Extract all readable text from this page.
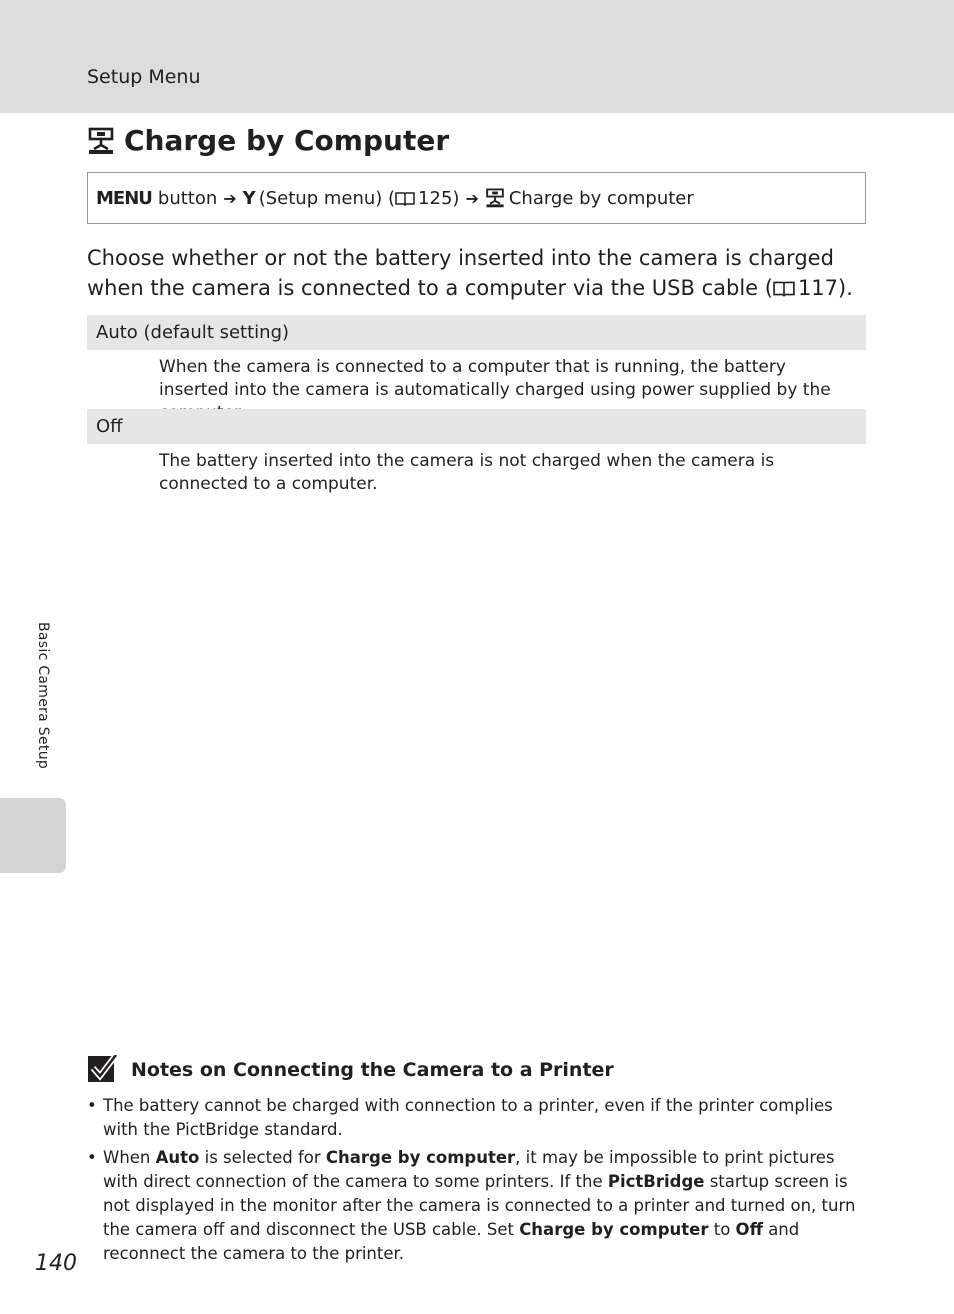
Setup Menu
Charge by Computer
MENU button ➔ Y (Setup menu) ( 125) ➔ Charge by computer

Choose whether or not the battery inserted into the camera is charged when the camera is connected to a computer via the USB cable ( 117).

Auto (default setting)

When the camera is connected to a computer that is running, the battery inserted into the camera is automatically charged using power supplied by the

Off

The battery inserted into the camera is not charged when the camera is connected to a computer.

Basic Camera Setup
Notes on Connecting the Camera to a Printer
• The battery cannot be charged with connection to a printer, even if the printer complies with the PictBridge standard.
• When Auto is selected for Charge by computer, it may be impossible to print pictures with direct connection of the camera to some printers. If the PictBridge startup screen is not displayed in the monitor after the camera is connected to a printer and turned on, turn the camera off and disconnect the USB cable. Set Charge by computer to Off and reconnect the camera to the printer.
140
